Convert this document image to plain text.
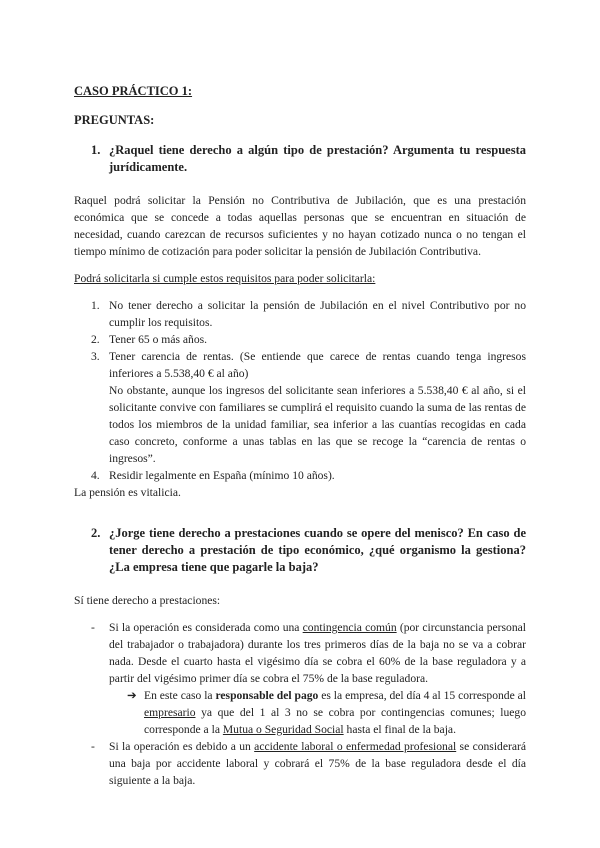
CASO PRÁCTICO 1:
PREGUNTAS:
1. ¿Raquel tiene derecho a algún tipo de prestación? Argumenta tu respuesta jurídicamente.

Raquel podrá solicitar la Pensión no Contributiva de Jubilación, que es una prestación económica que se concede a todas aquellas personas que se encuentran en situación de necesidad, cuando carezcan de recursos suficientes y no hayan cotizado nunca o no tengan el tiempo mínimo de cotización para poder solicitar la pensión de Jubilación Contributiva.

Podrá solicitarla si cumple estos requisitos para poder solicitarla:

1. No tener derecho a solicitar la pensión de Jubilación en el nivel Contributivo por no cumplir los requisitos.
2. Tener 65 o más años.
3. Tener carencia de rentas. (Se entiende que carece de rentas cuando tenga ingresos inferiores a 5.538,40 € al año)
No obstante, aunque los ingresos del solicitante sean inferiores a 5.538,40 € al año, si el solicitante convive con familiares se cumplirá el requisito cuando la suma de las rentas de todos los miembros de la unidad familiar, sea inferior a las cuantías recogidas en cada caso concreto, conforme a unas tablas en las que se recoge la “carencia de rentas o ingresos”.
4. Residir legalmente en España (mínimo 10 años).

La pensión es vitalicia.

2. ¿Jorge tiene derecho a prestaciones cuando se opere del menisco? En caso de tener derecho a prestación de tipo económico, ¿qué organismo la gestiona? ¿La empresa tiene que pagarle la baja?

Sí tiene derecho a prestaciones:

-	Si la operación es considerada como una contingencia común (por circunstancia personal del trabajador o trabajadora) durante los tres primeros días de la baja no se va a cobrar nada. Desde el cuarto hasta el vigésimo día se cobra el 60% de la base reguladora y a partir del vigésimo primer día se cobra el 75% de la base reguladora.
➔ En este caso la responsable del pago es la empresa, del día 4 al 15 corresponde al empresario ya que del 1 al 3 no se cobra por contingencias comunes; luego corresponde a la Mutua o Seguridad Social hasta el final de la baja.
-	Si la operación es debido a un accidente laboral o enfermedad profesional se considerará una baja por accidente laboral y cobrará el 75% de la base reguladora desde el día siguiente a la baja.
